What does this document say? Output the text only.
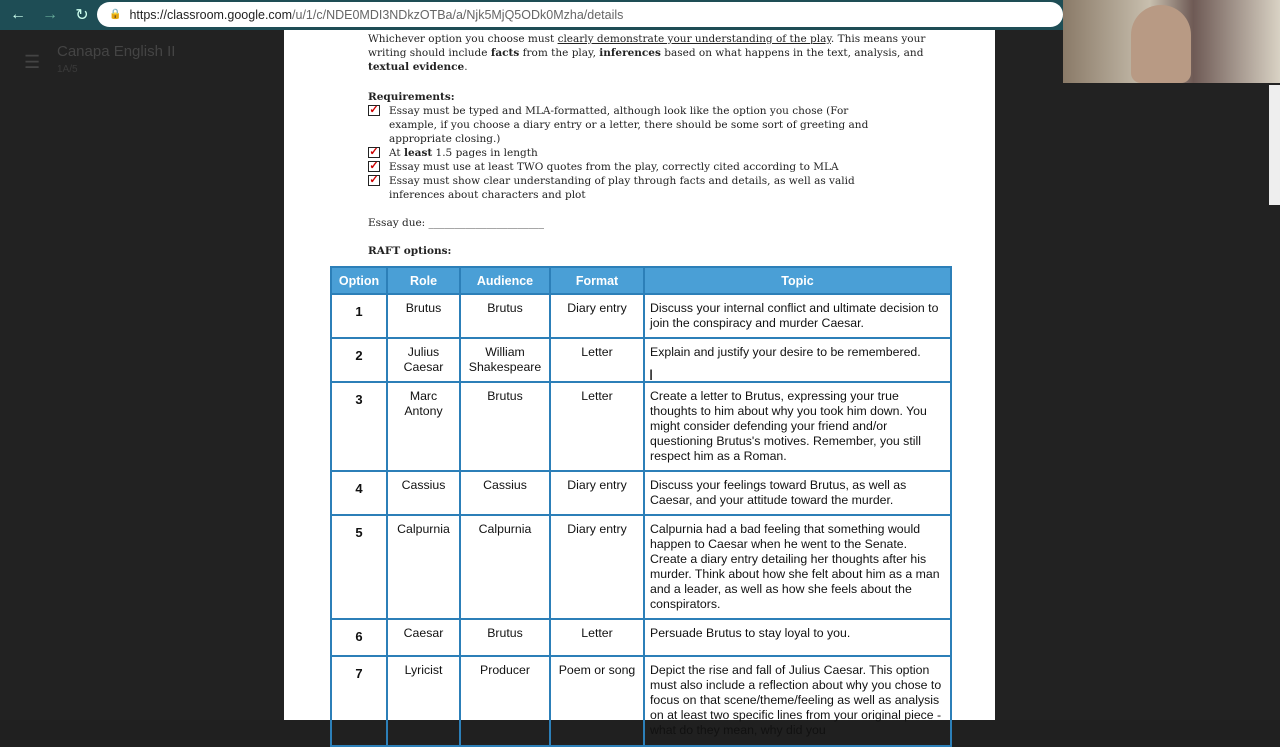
←	→	↻	🔒 https://classroom.google.com /u/1/c/NDE0MDI3NDkzOTBa/a/Njk5MjQ5ODk0Mzha/details
☰
Canapa English II
1A/5
Whichever option you choose must clearly demonstrate your understanding of the play. This means your writing should include facts from the play, inferences based on what happens in the text, analysis, and textual evidence.
Requirements:
✓ Essay must be typed and MLA-formatted, although look like the option you chose (For example, if you choose a diary entry or a letter, there should be some sort of greeting and appropriate closing.)
✓ At least 1.5 pages in length
✓ Essay must use at least TWO quotes from the play, correctly cited according to MLA
✓ Essay must show clear understanding of play through facts and details, as well as valid inferences about characters and plot
Essay due: ______________________
RAFT options:
Option	Role	Audience	Format	Topic
1	Brutus	Brutus	Diary entry	Discuss your internal conflict and ultimate decision to join the conspiracy and murder Caesar.
2	Julius Caesar	William Shakespeare	Letter	Explain and justify your desire to be remembered.
3	Marc Antony	Brutus	Letter	Create a letter to Brutus, expressing your true thoughts to him about why you took him down. You might consider defending your friend and/or questioning Brutus's motives. Remember, you still respect him as a Roman.
4	Cassius	Cassius	Diary entry	Discuss your feelings toward Brutus, as well as Caesar, and your attitude toward the murder.
5	Calpurnia	Calpurnia	Diary entry	Calpurnia had a bad feeling that something would happen to Caesar when he went to the Senate. Create a diary entry detailing her thoughts after his murder. Think about how she felt about him as a man and a leader, as well as how she feels about the conspirators.
6	Caesar	Brutus	Letter	Persuade Brutus to stay loyal to you.
7	Lyricist	Producer	Poem or song	Depict the rise and fall of Julius Caesar. This option must also include a reflection about why you chose to focus on that scene/theme/feeling as well as analysis on at least two specific lines from your original piece - what do they mean, why did you
I
